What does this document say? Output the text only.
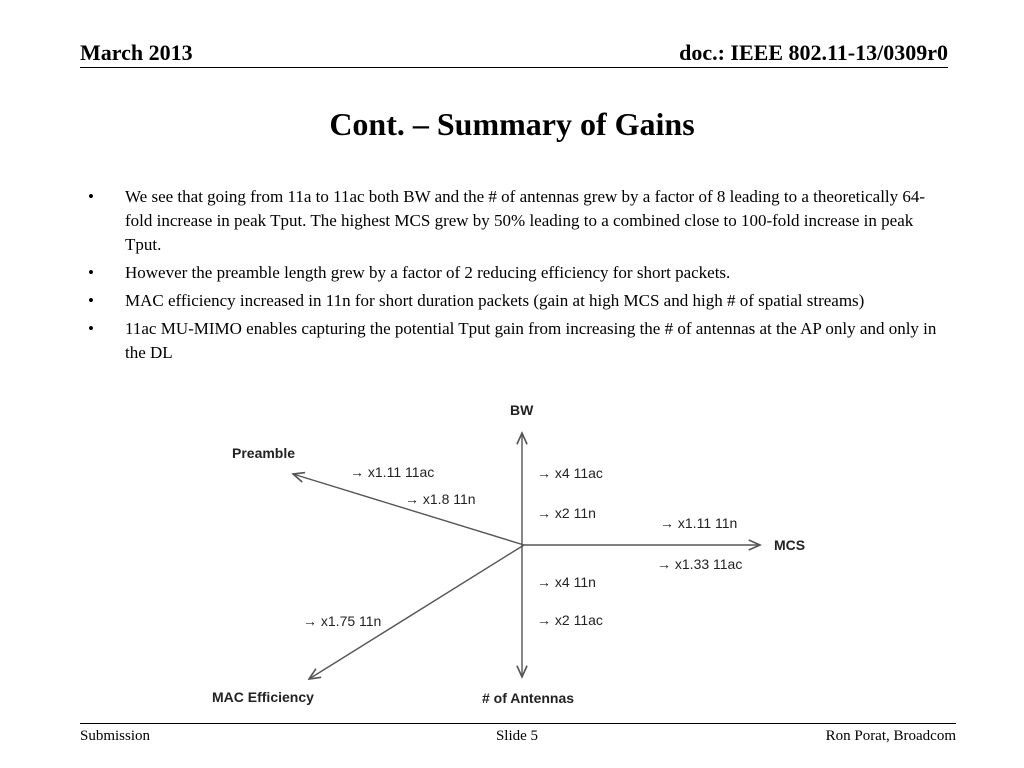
March 2013	doc.: IEEE 802.11-13/0309r0
Cont. – Summary of Gains
• We see that going from 11a to 11ac both BW and the # of antennas grew by a factor of 8 leading to a theoretically 64-fold increase in peak Tput. The highest MCS grew by 50% leading to a combined close to 100-fold increase in peak Tput.
• However the preamble length grew by a factor of 2 reducing efficiency for short packets.
• MAC efficiency increased in 11n for short duration packets (gain at high MCS and high # of spatial streams)
• 11ac MU-MIMO enables capturing the potential Tput gain from increasing the # of antennas at the AP only and only in the DL
BW
Preamble
MCS
MAC Efficiency	# of Antennas
→ x1.11 11ac
→ x1.8 11n
→ x4 11ac
→ x2 11n
→ x1.11 11n
→ x1.33 11ac
→ x4 11n
→ x2 11ac
→ x1.75 11n
Submission	Slide 5	Ron Porat, Broadcom
